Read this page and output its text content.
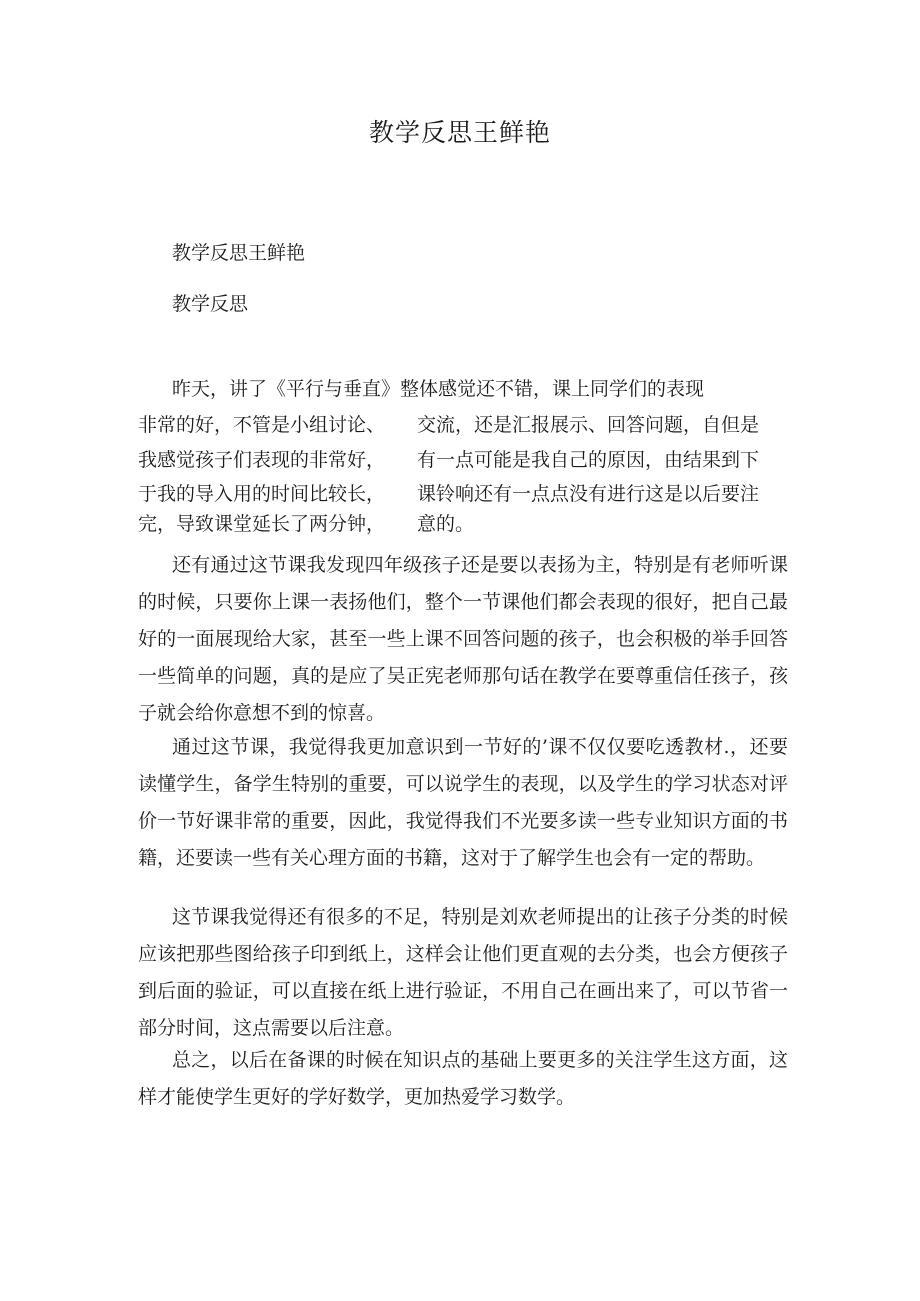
教学反思王鲜艳
教学反思王鲜艳
教学反思
昨天，讲了《平行与垂直》整体感觉还不错，课上同学们的表现
非常的好，不管是小组讨论、
我感觉孩子们表现的非常好，
于我的导入用的时间比较长，
完，导致课堂延长了两分钟，
交流，还是汇报展示、回答问题，自但是
有一点可能是我自己的原因，由结果到下
课铃响还有一点点没有进行这是以后要注
意的。

还有通过这节课我发现四年级孩子还是要以表扬为主，特别是有老师听课的时候，只要你上课一表扬他们，整个一节课他们都会表现的很好，把自己最好的一面展现给大家，甚至一些上课不回答问题的孩子，也会积极的举手回答一些简单的问题，真的是应了吴正宪老师那句话在教学在要尊重信任孩子，孩子就会给你意想不到的惊喜。

通过这节课，我觉得我更加意识到一节好的’课不仅仅要吃透教材.，还要读懂学生，备学生特别的重要，可以说学生的表现，以及学生的学习状态对评价一节好课非常的重要，因此，我觉得我们不光要多读一些专业知识方面的书籍，还要读一些有关心理方面的书籍，这对于了解学生也会有一定的帮助。

这节课我觉得还有很多的不足，特别是刘欢老师提出的让孩子分类的时候应该把那些图给孩子印到纸上，这样会让他们更直观的去分类，也会方便孩子到后面的验证，可以直接在纸上进行验证，不用自己在画出来了，可以节省一部分时间，这点需要以后注意。

总之，以后在备课的时候在知识点的基础上要更多的关注学生这方面，这样才能使学生更好的学好数学，更加热爱学习数学。
